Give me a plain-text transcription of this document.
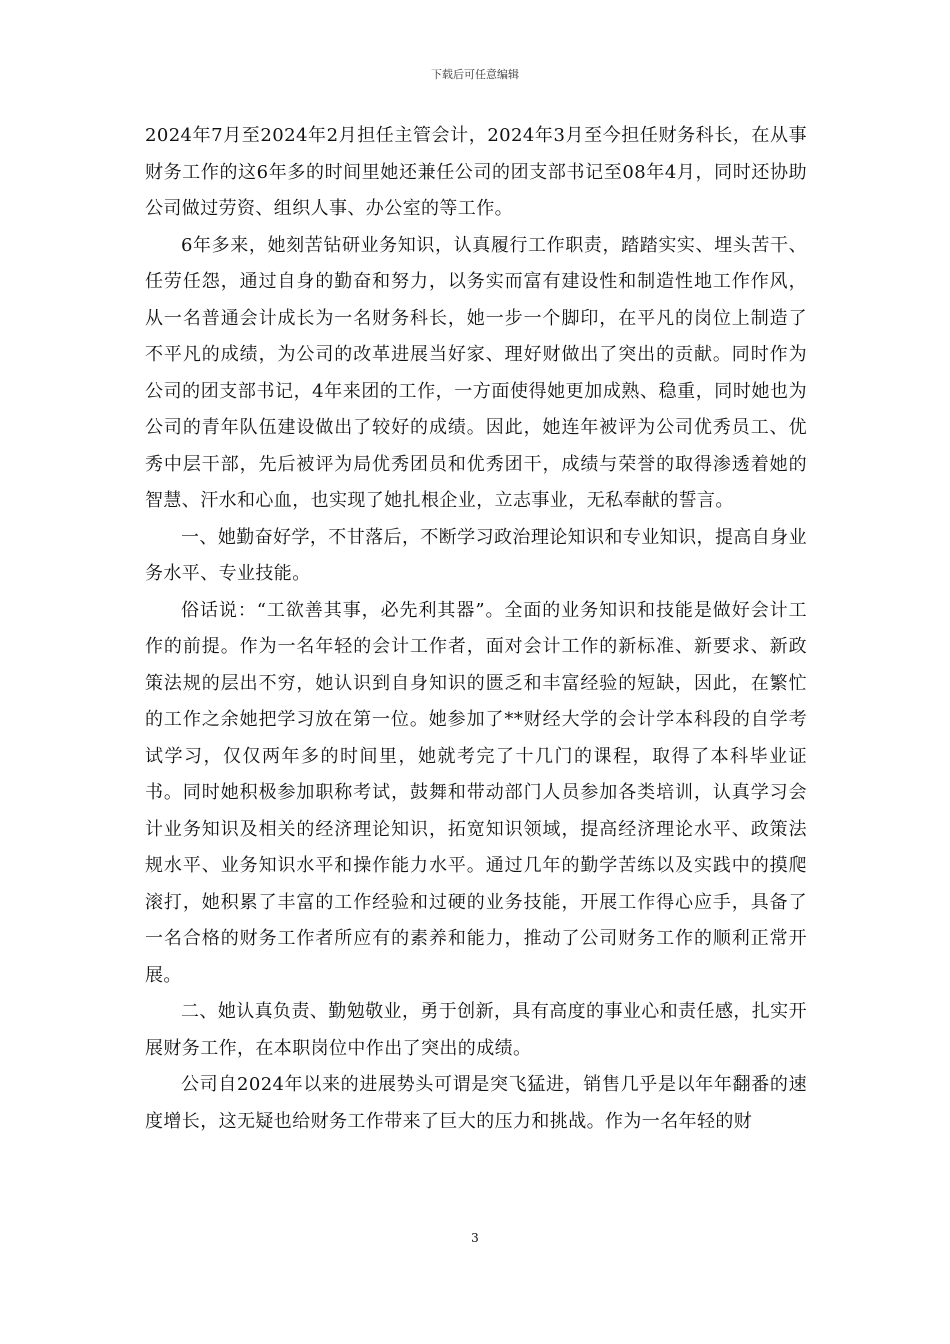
下载后可任意编辑

2024年7月至2024年2月担任主管会计，2024年3月至今担任财务科长，在从事财务工作的这6年多的时间里她还兼任公司的团支部书记至08年4月，同时还协助公司做过劳资、组织人事、办公室的等工作。

6年多来，她刻苦钻研业务知识，认真履行工作职责，踏踏实实、埋头苦干、任劳任怨，通过自身的勤奋和努力，以务实而富有建设性和制造性地工作作风，从一名普通会计成长为一名财务科长，她一步一个脚印，在平凡的岗位上制造了不平凡的成绩，为公司的改革进展当好家、理好财做出了突出的贡献。同时作为公司的团支部书记，4年来团的工作，一方面使得她更加成熟、稳重，同时她也为公司的青年队伍建设做出了较好的成绩。因此，她连年被评为公司优秀员工、优秀中层干部，先后被评为局优秀团员和优秀团干，成绩与荣誉的取得渗透着她的智慧、汗水和心血，也实现了她扎根企业，立志事业，无私奉献的誓言。

一、她勤奋好学，不甘落后，不断学习政治理论知识和专业知识，提高自身业务水平、专业技能。

俗话说：“工欲善其事，必先利其器”。全面的业务知识和技能是做好会计工作的前提。作为一名年轻的会计工作者，面对会计工作的新标准、新要求、新政策法规的层出不穷，她认识到自身知识的匮乏和丰富经验的短缺，因此，在繁忙的工作之余她把学习放在第一位。她参加了**财经大学的会计学本科段的自学考试学习，仅仅两年多的时间里，她就考完了十几门的课程，取得了本科毕业证书。同时她积极参加职称考试，鼓舞和带动部门人员参加各类培训，认真学习会计业务知识及相关的经济理论知识，拓宽知识领域，提高经济理论水平、政策法规水平、业务知识水平和操作能力水平。通过几年的勤学苦练以及实践中的摸爬滚打，她积累了丰富的工作经验和过硬的业务技能，开展工作得心应手，具备了一名合格的财务工作者所应有的素养和能力，推动了公司财务工作的顺利正常开展。

二、她认真负责、勤勉敬业，勇于创新，具有高度的事业心和责任感，扎实开展财务工作，在本职岗位中作出了突出的成绩。

公司自2024年以来的进展势头可谓是突飞猛进，销售几乎是以年年翻番的速度增长，这无疑也给财务工作带来了巨大的压力和挑战。作为一名年轻的财

3
